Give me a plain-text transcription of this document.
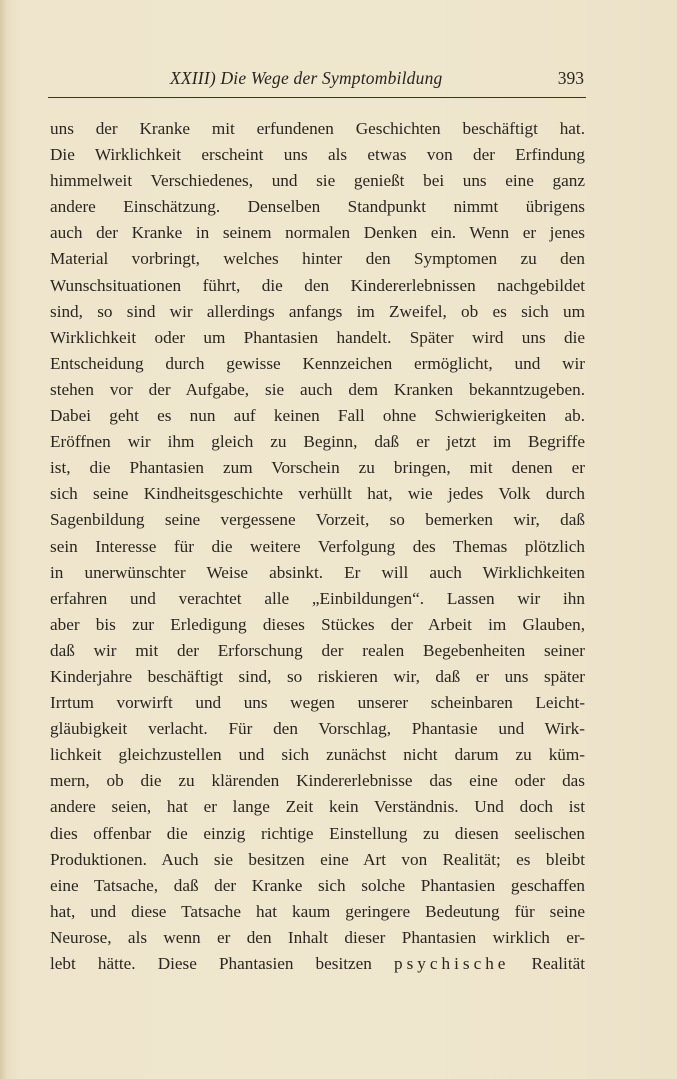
XXIII) Die Wege der Symptombildung	393
uns der Kranke mit erfundenen Geschichten beschäftigt hat.
Die Wirklichkeit erscheint uns als etwas von der Erfindung
himmelweit Verschiedenes, und sie genießt bei uns eine ganz
andere Einschätzung. Denselben Standpunkt nimmt übrigens
auch der Kranke in seinem normalen Denken ein. Wenn er jenes
Material vorbringt, welches hinter den Symptomen zu den
Wunschsituationen führt, die den Kindererlebnissen nachgebildet
sind, so sind wir allerdings anfangs im Zweifel, ob es sich um
Wirklichkeit oder um Phantasien handelt. Später wird uns die
Entscheidung durch gewisse Kennzeichen ermöglicht, und wir
stehen vor der Aufgabe, sie auch dem Kranken bekanntzugeben.
Dabei geht es nun auf keinen Fall ohne Schwierigkeiten ab.
Eröffnen wir ihm gleich zu Beginn, daß er jetzt im Begriffe
ist, die Phantasien zum Vorschein zu bringen, mit denen er
sich seine Kindheitsgeschichte verhüllt hat, wie jedes Volk durch
Sagenbildung seine vergessene Vorzeit, so bemerken wir, daß
sein Interesse für die weitere Verfolgung des Themas plötzlich
in unerwünschter Weise absinkt. Er will auch Wirklichkeiten
erfahren und verachtet alle „Einbildungen“. Lassen wir ihn
aber bis zur Erledigung dieses Stückes der Arbeit im Glauben,
daß wir mit der Erforschung der realen Begebenheiten seiner
Kinderjahre beschäftigt sind, so riskieren wir, daß er uns später
Irrtum vorwirft und uns wegen unserer scheinbaren Leicht-
gläubigkeit verlacht. Für den Vorschlag, Phantasie und Wirk-
lichkeit gleichzustellen und sich zunächst nicht darum zu küm-
mern, ob die zu klärenden Kindererlebnisse das eine oder das
andere seien, hat er lange Zeit kein Verständnis. Und doch ist
dies offenbar die einzig richtige Einstellung zu diesen seelischen
Produktionen. Auch sie besitzen eine Art von Realität; es bleibt
eine Tatsache, daß der Kranke sich solche Phantasien geschaffen
hat, und diese Tatsache hat kaum geringere Bedeutung für seine
Neurose, als wenn er den Inhalt dieser Phantasien wirklich er-
lebt hätte. Diese Phantasien besitzen psychische Realität
